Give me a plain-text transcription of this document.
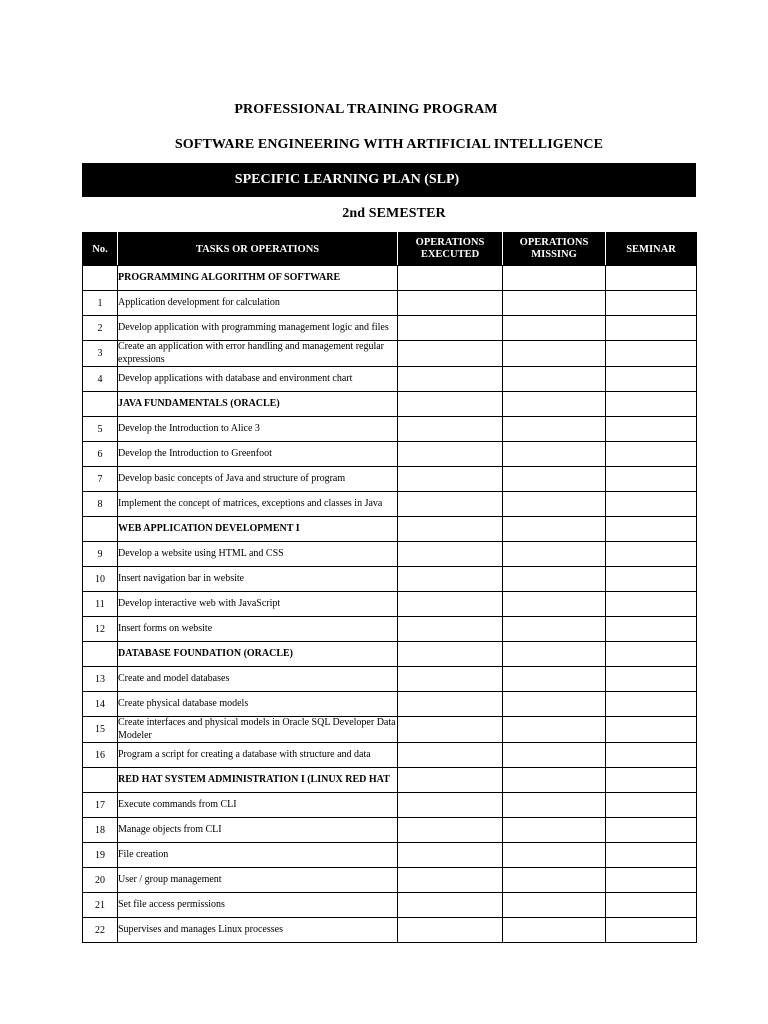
PROFESSIONAL TRAINING PROGRAM
SOFTWARE ENGINEERING WITH ARTIFICIAL INTELLIGENCE
SPECIFIC LEARNING PLAN (SLP)
2nd SEMESTER
No.	TASKS OR OPERATIONS	OPERATIONS EXECUTED	OPERATIONS MISSING	SEMINAR
	PROGRAMMING ALGORITHM OF SOFTWARE			
1	Application development for calculation			
2	Develop application with programming management logic and files			
3	Create an application with error handling and management regular expressions			
4	Develop applications with database and environment chart			
	JAVA FUNDAMENTALS (ORACLE)			
5	Develop the Introduction to Alice 3			
6	Develop the Introduction to Greenfoot			
7	Develop basic concepts of Java and structure of program			
8	Implement the concept of matrices, exceptions and classes in Java			
	WEB APPLICATION DEVELOPMENT I			
9	Develop a website using HTML and CSS			
10	Insert navigation bar in website			
11	Develop interactive web with JavaScript			
12	Insert forms on website			
	DATABASE FOUNDATION (ORACLE)			
13	Create and model databases			
14	Create physical database models			
15	Create interfaces and physical models in Oracle SQL Developer Data Modeler			
16	Program a script for creating a database with structure and data			
	RED HAT SYSTEM ADMINISTRATION I (LINUX RED HAT			
17	Execute commands from CLI			
18	Manage objects from CLI			
19	File creation			
20	User / group management			
21	Set file access permissions			
22	Supervises and manages Linux processes			
